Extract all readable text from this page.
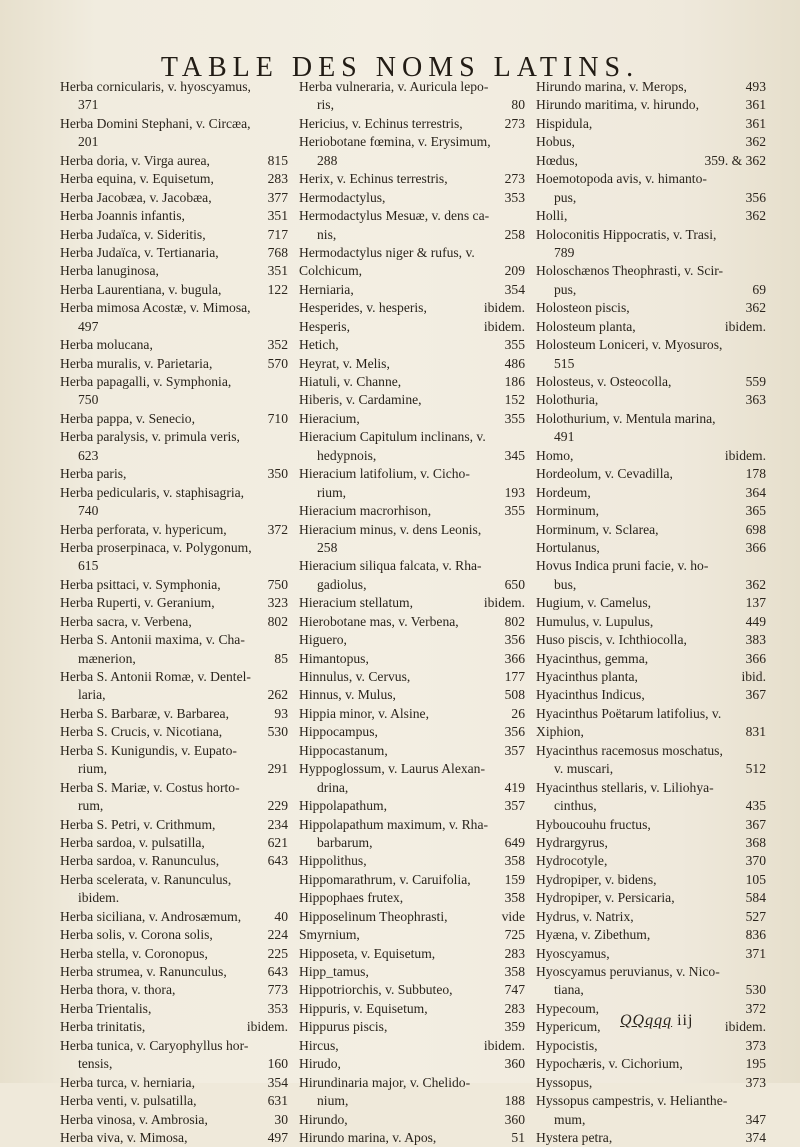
TABLE DES NOMS LATINS.
Herba cornicularis, v. hyoscyamus,
371
Herba Domini Stephani, v. Circæa,
201
Herba doria, v. Virga aurea,	815
Herba equina, v. Equisetum,	283
Herba Jacobæa, v. Jacobæa,	377
Herba Joannis infantis,	351
Herba Judaïca, v. Sideritis,	717
Herba Judaïca, v. Tertianaria,	768
Herba lanuginosa,	351
Herba Laurentiana, v. bugula,	122
Herba mimosa Acostæ, v. Mimosa,
497
Herba molucana,	352
Herba muralis, v. Parietaria,	570
Herba papagalli, v. Symphonia,
750
Herba pappa, v. Senecio,	710
Herba paralysis, v. primula veris,
623
Herba paris,	350
Herba pedicularis, v. staphisagria,
740
Herba perforata, v. hypericum,	372
Herba proserpinaca, v. Polygonum,
615
Herba psittaci, v. Symphonia,	750
Herba Ruperti, v. Geranium,	323
Herba sacra, v. Verbena,	802
Herba S. Antonii maxima, v. Cha-
mænerion,	85
Herba S. Antonii Romæ, v. Dentel-
laria,	262
Herba S. Barbaræ, v. Barbarea,	93
Herba S. Crucis, v. Nicotiana,	530
Herba S. Kunigundis, v. Eupato-
rium,	291
Herba S. Mariæ, v. Costus horto-
rum,	229
Herba S. Petri, v. Crithmum,	234
Herba sardoa, v. pulsatilla,	621
Herba sardoa, v. Ranunculus,	643
Herba scelerata, v. Ranunculus,
ibidem.
Herba siciliana, v. Androsæmum, 40
Herba solis, v. Corona solis,	224
Herba stella, v. Coronopus,	225
Herba strumea, v. Ranunculus,	643
Herba thora, v. thora,	773
Herba Trientalis,	353
Herba trinitatis,	ibidem.
Herba tunica, v. Caryophyllus hor-
tensis,	160
Herba turca, v. herniaria,	354
Herba venti, v. pulsatilla,	631
Herba vinosa, v. Ambrosia,	30
Herba viva, v. Mimosa,	497
Herba vulneraria, v. Auricula lepo-
ris,	80
Hericius, v. Echinus terrestris,	273
Heriobotane fœmina, v. Erysimum,
288
Herix, v. Echinus terrestris,	273
Hermodactylus,	353
Hermodactylus Mesuæ, v. dens ca-
nis,	258
Hermodactylus niger & rufus, v.
Colchicum,	209
Herniaria,	354
Hesperides, v. hesperis,	ibidem.
Hesperis,	ibidem.
Hetich,	355
Heyrat, v. Melis,	486
Hiatuli, v. Channe,	186
Hiberis, v. Cardamine,	152
Hieracium,	355
Hieracium Capitulum inclinans, v.
hedypnois,	345
Hieracium latifolium, v. Cicho-
rium,	193
Hieracium macrorhison,	355
Hieracium minus, v. dens Leonis,
258
Hieracium siliqua falcata, v. Rha-
gadiolus,	650
Hieracium stellatum,	ibidem.
Hierobotane mas, v. Verbena,	802
Higuero,	356
Himantopus,	366
Hinnulus, v. Cervus,	177
Hinnus, v. Mulus,	508
Hippia minor, v. Alsine,	26
Hippocampus,	356
Hippocastanum,	357
Hyppoglossum, v. Laurus Alexan-
drina,	419
Hippolapathum,	357
Hippolapathum maximum, v. Rha-
barbarum,	649
Hippolithus,	358
Hippomarathrum, v. Caruifolia, 159
Hippophaes frutex,	358
Hipposelinum Theophrasti,	vide
Smyrnium,	725
Hipposeta, v. Equisetum,	283
Hipp_tamus,	358
Hippotriorchis, v. Subbuteo,	747
Hippuris, v. Equisetum,	283
Hippurus piscis,	359
Hircus,	ibidem.
Hirudo,	360
Hirundinaria major, v. Chelido-
nium,	188
Hirundo,	360
Hirundo marina, v. Apos,	51
Hirundo marina, v. Merops,	493
Hirundo maritima, v. hirundo,	361
Hispidula,	361
Hobus,	362
Hœdus,	359. & 362
Hoemotopoda avis, v. himanto-
pus,	356
Holli,	362
Holoconitis Hippocratis, v. Trasi,
789
Holoschænos Theophrasti, v. Scir-
pus,	69
Holosteon piscis,	362
Holosteum planta,	ibidem.
Holosteum Loniceri, v. Myosuros,
515
Holosteus, v. Osteocolla,	559
Holothuria,	363
Holothurium, v. Mentula marina,
491
Homo,	ibidem.
Hordeolum, v. Cevadilla,	178
Hordeum,	364
Horminum,	365
Horminum, v. Sclarea,	698
Hortulanus,	366
Hovus Indica pruni facie, v. ho-
bus,	362
Hugium, v. Camelus,	137
Humulus, v. Lupulus,	449
Huso piscis, v. Ichthiocolla,	383
Hyacinthus, gemma,	366
Hyacinthus planta,	ibid.
Hyacinthus Indicus,	367
Hyacinthus Poëtarum latifolius, v.
Xiphion,	831
Hyacinthus racemosus moschatus,
v. muscari,	512
Hyacinthus stellaris, v. Liliohya-
cinthus,	435
Hyboucouhu fructus,	367
Hydrargyrus,	368
Hydrocotyle,	370
Hydropiper, v. bidens,	105
Hydropiper, v. Persicaria,	584
Hydrus, v. Natrix,	527
Hyæna, v. Zibethum,	836
Hyoscyamus,	371
Hyoscyamus peruvianus, v. Nico-
tiana,	530
Hypecoum,	372
Hypericum,	ibidem.
Hypocistis,	373
Hypochæris, v. Cichorium,	195
Hyssopus,	373
Hyssopus campestris, v. Helianthe-
mum,	347
Hystera petra,	374
QQqqq iij
